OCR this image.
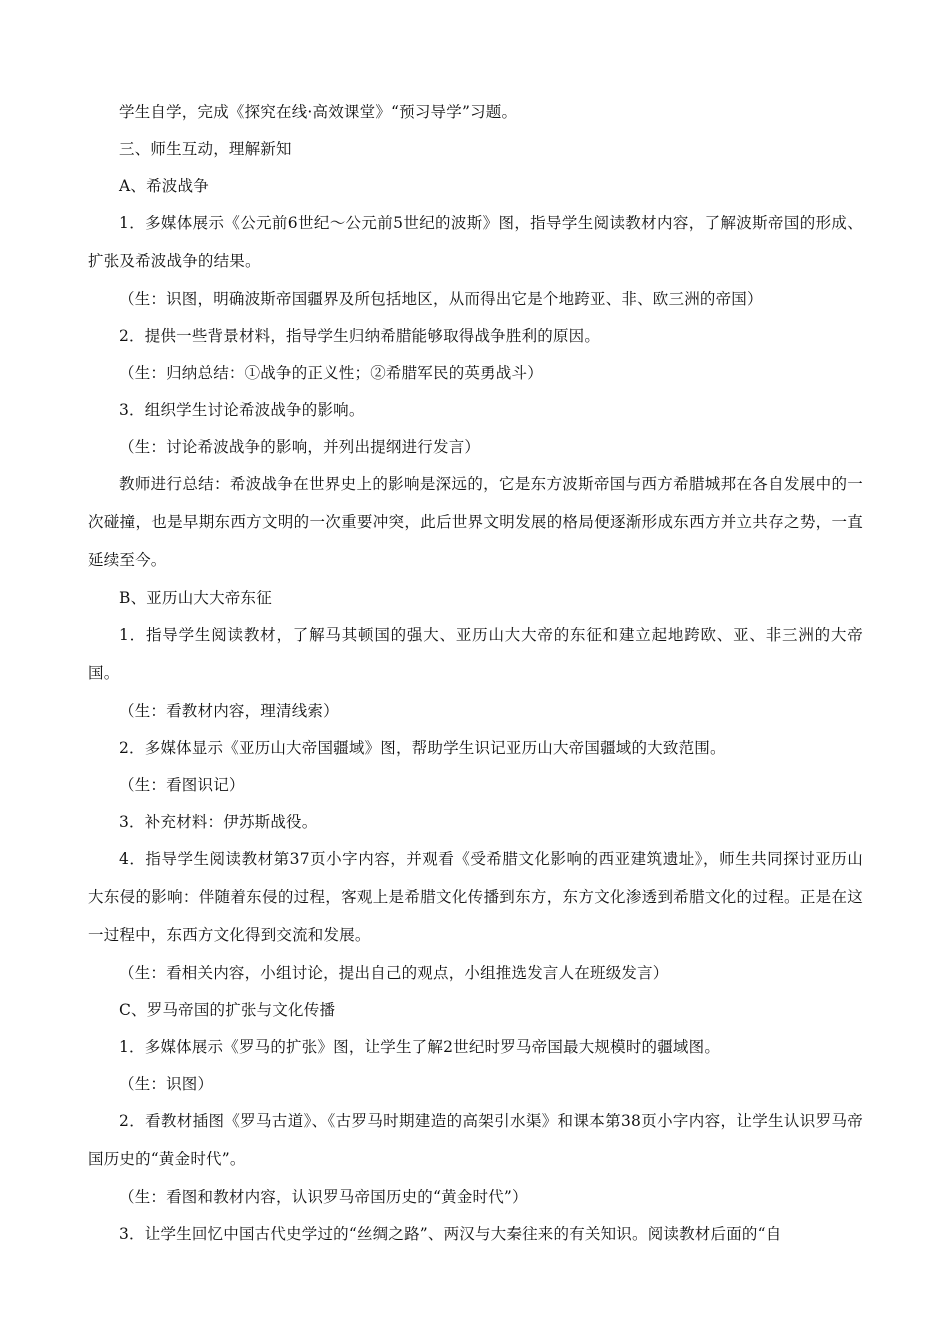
学生自学，完成《探究在线·高效课堂》“预习导学”习题。
三、师生互动，理解新知
A、希波战争
1．多媒体展示《公元前6世纪～公元前5世纪的波斯》图，指导学生阅读教材内容，了解波斯帝国的形成、扩张及希波战争的结果。
（生：识图，明确波斯帝国疆界及所包括地区，从而得出它是个地跨亚、非、欧三洲的帝国）
2．提供一些背景材料，指导学生归纳希腊能够取得战争胜利的原因。
（生：归纳总结：①战争的正义性；②希腊军民的英勇战斗）
3．组织学生讨论希波战争的影响。
（生：讨论希波战争的影响，并列出提纲进行发言）
教师进行总结：希波战争在世界史上的影响是深远的，它是东方波斯帝国与西方希腊城邦在各自发展中的一次碰撞，也是早期东西方文明的一次重要冲突，此后世界文明发展的格局便逐渐形成东西方并立共存之势，一直延续至今。
B、亚历山大大帝东征
1．指导学生阅读教材，了解马其顿国的强大、亚历山大大帝的东征和建立起地跨欧、亚、非三洲的大帝国。
（生：看教材内容，理清线索）
2．多媒体显示《亚历山大帝国疆域》图，帮助学生识记亚历山大帝国疆域的大致范围。
（生：看图识记）
3．补充材料：伊苏斯战役。
4．指导学生阅读教材第37页小字内容，并观看《受希腊文化影响的西亚建筑遗址》，师生共同探讨亚历山大东侵的影响：伴随着东侵的过程，客观上是希腊文化传播到东方，东方文化渗透到希腊文化的过程。正是在这一过程中，东西方文化得到交流和发展。
（生：看相关内容，小组讨论，提出自己的观点，小组推选发言人在班级发言）
C、罗马帝国的扩张与文化传播
1．多媒体展示《罗马的扩张》图，让学生了解2世纪时罗马帝国最大规模时的疆域图。
（生：识图）
2．看教材插图《罗马古道》、《古罗马时期建造的高架引水渠》和课本第38页小字内容，让学生认识罗马帝国历史的“黄金时代”。
（生：看图和教材内容，认识罗马帝国历史的“黄金时代”）
3．让学生回忆中国古代史学过的“丝绸之路”、两汉与大秦往来的有关知识。阅读教材后面的“自
